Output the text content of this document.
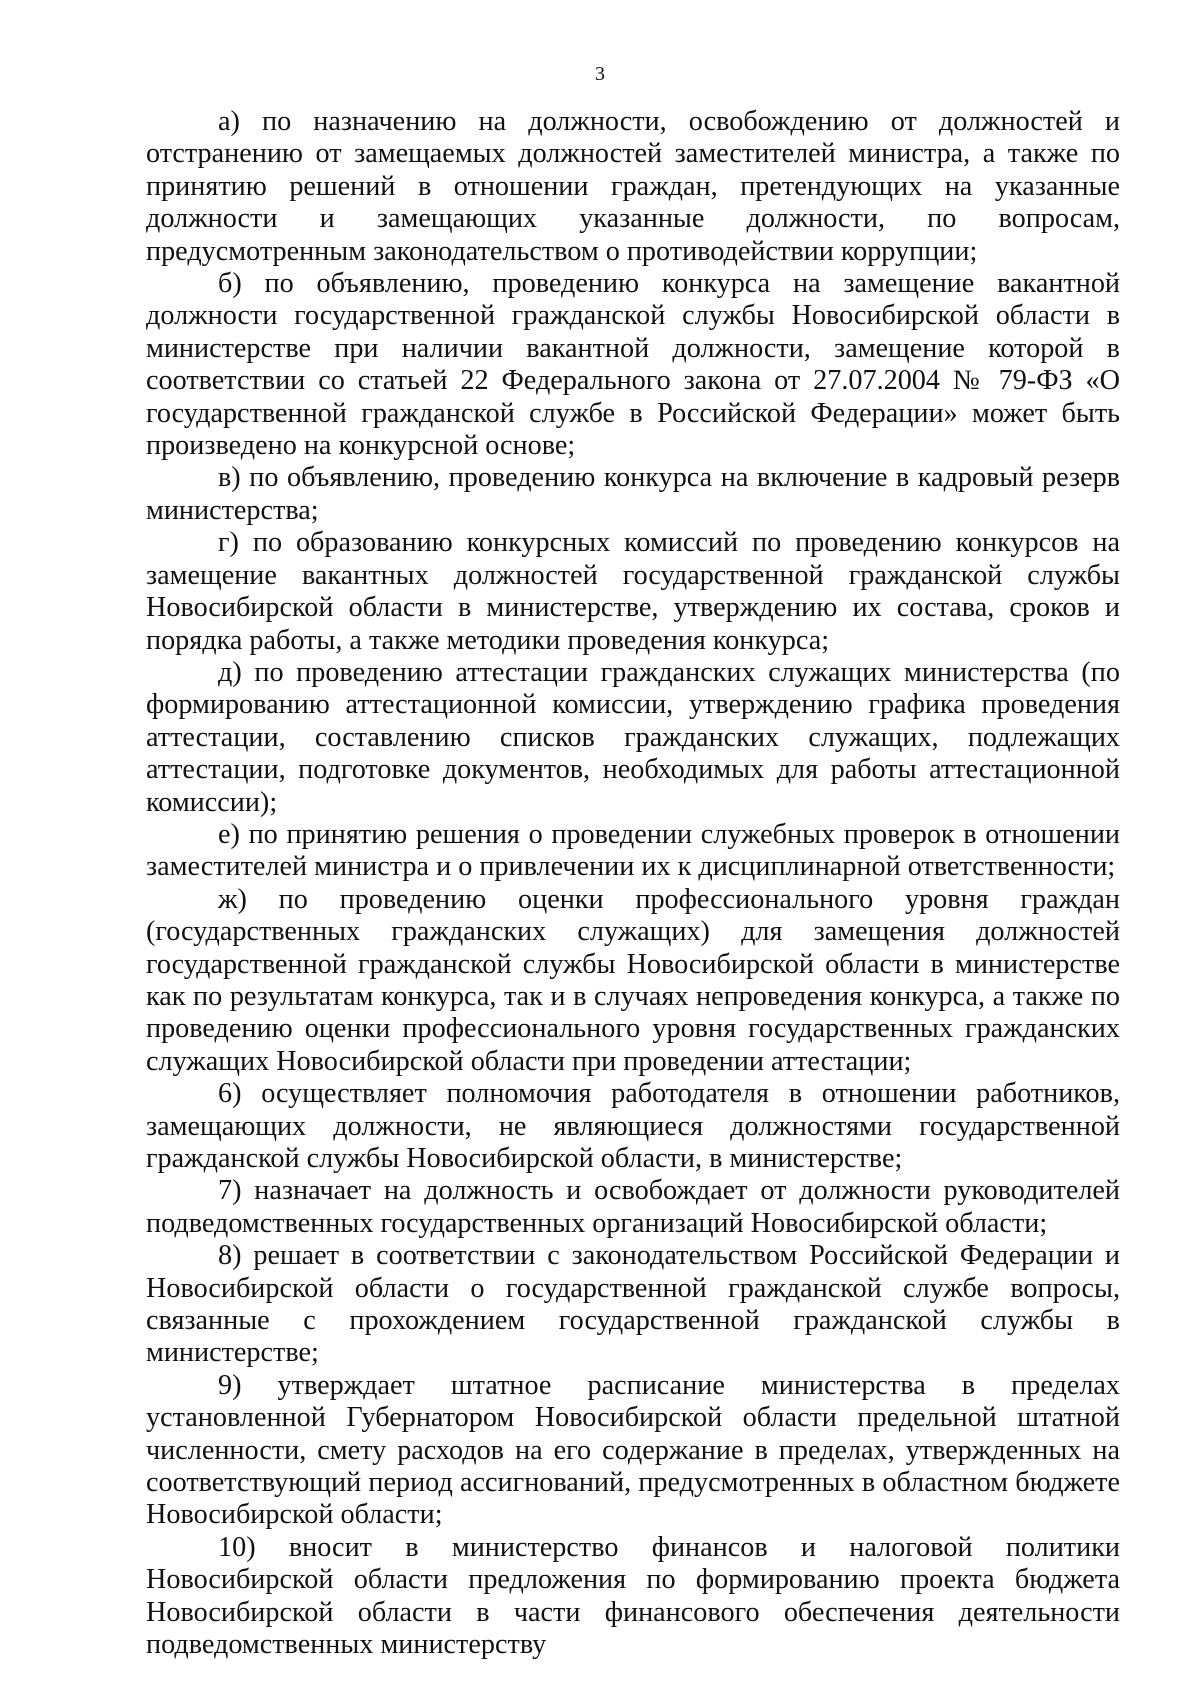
3

а) по назначению на должности, освобождению от должностей и отстранению от замещаемых должностей заместителей министра, а также по принятию решений в отношении граждан, претендующих на указанные должности и замещающих указанные должности, по вопросам, предусмотренным законодательством о противодействии коррупции;

б) по объявлению, проведению конкурса на замещение вакантной должности государственной гражданской службы Новосибирской области в министерстве при наличии вакантной должности, замещение которой в соответствии со статьей 22 Федерального закона от 27.07.2004 № 79-ФЗ «О государственной гражданской службе в Российской Федерации» может быть произведено на конкурсной основе;

в) по объявлению, проведению конкурса на включение в кадровый резерв министерства;

г) по образованию конкурсных комиссий по проведению конкурсов на замещение вакантных должностей государственной гражданской службы Новосибирской области в министерстве, утверждению их состава, сроков и порядка работы, а также методики проведения конкурса;

д) по проведению аттестации гражданских служащих министерства (по формированию аттестационной комиссии, утверждению графика проведения аттестации, составлению списков гражданских служащих, подлежащих аттестации, подготовке документов, необходимых для работы аттестационной комиссии);

е) по принятию решения о проведении служебных проверок в отношении заместителей министра и о привлечении их к дисциплинарной ответственности;

ж) по проведению оценки профессионального уровня граждан (государственных гражданских служащих) для замещения должностей государственной гражданской службы Новосибирской области в министерстве как по результатам конкурса, так и в случаях непроведения конкурса, а также по проведению оценки профессионального уровня государственных гражданских служащих Новосибирской области при проведении аттестации;

6) осуществляет полномочия работодателя в отношении работников, замещающих должности, не являющиеся должностями государственной гражданской службы Новосибирской области, в министерстве;

7) назначает на должность и освобождает от должности руководителей подведомственных государственных организаций Новосибирской области;

8) решает в соответствии с законодательством Российской Федерации и Новосибирской области о государственной гражданской службе вопросы, связанные с прохождением государственной гражданской службы в министерстве;

9) утверждает штатное расписание министерства в пределах установленной Губернатором Новосибирской области предельной штатной численности, смету расходов на его содержание в пределах, утвержденных на соответствующий период ассигнований, предусмотренных в областном бюджете Новосибирской области;

10) вносит в министерство финансов и налоговой политики Новосибирской области предложения по формированию проекта бюджета Новосибирской области в части финансового обеспечения деятельности подведомственных министерству
